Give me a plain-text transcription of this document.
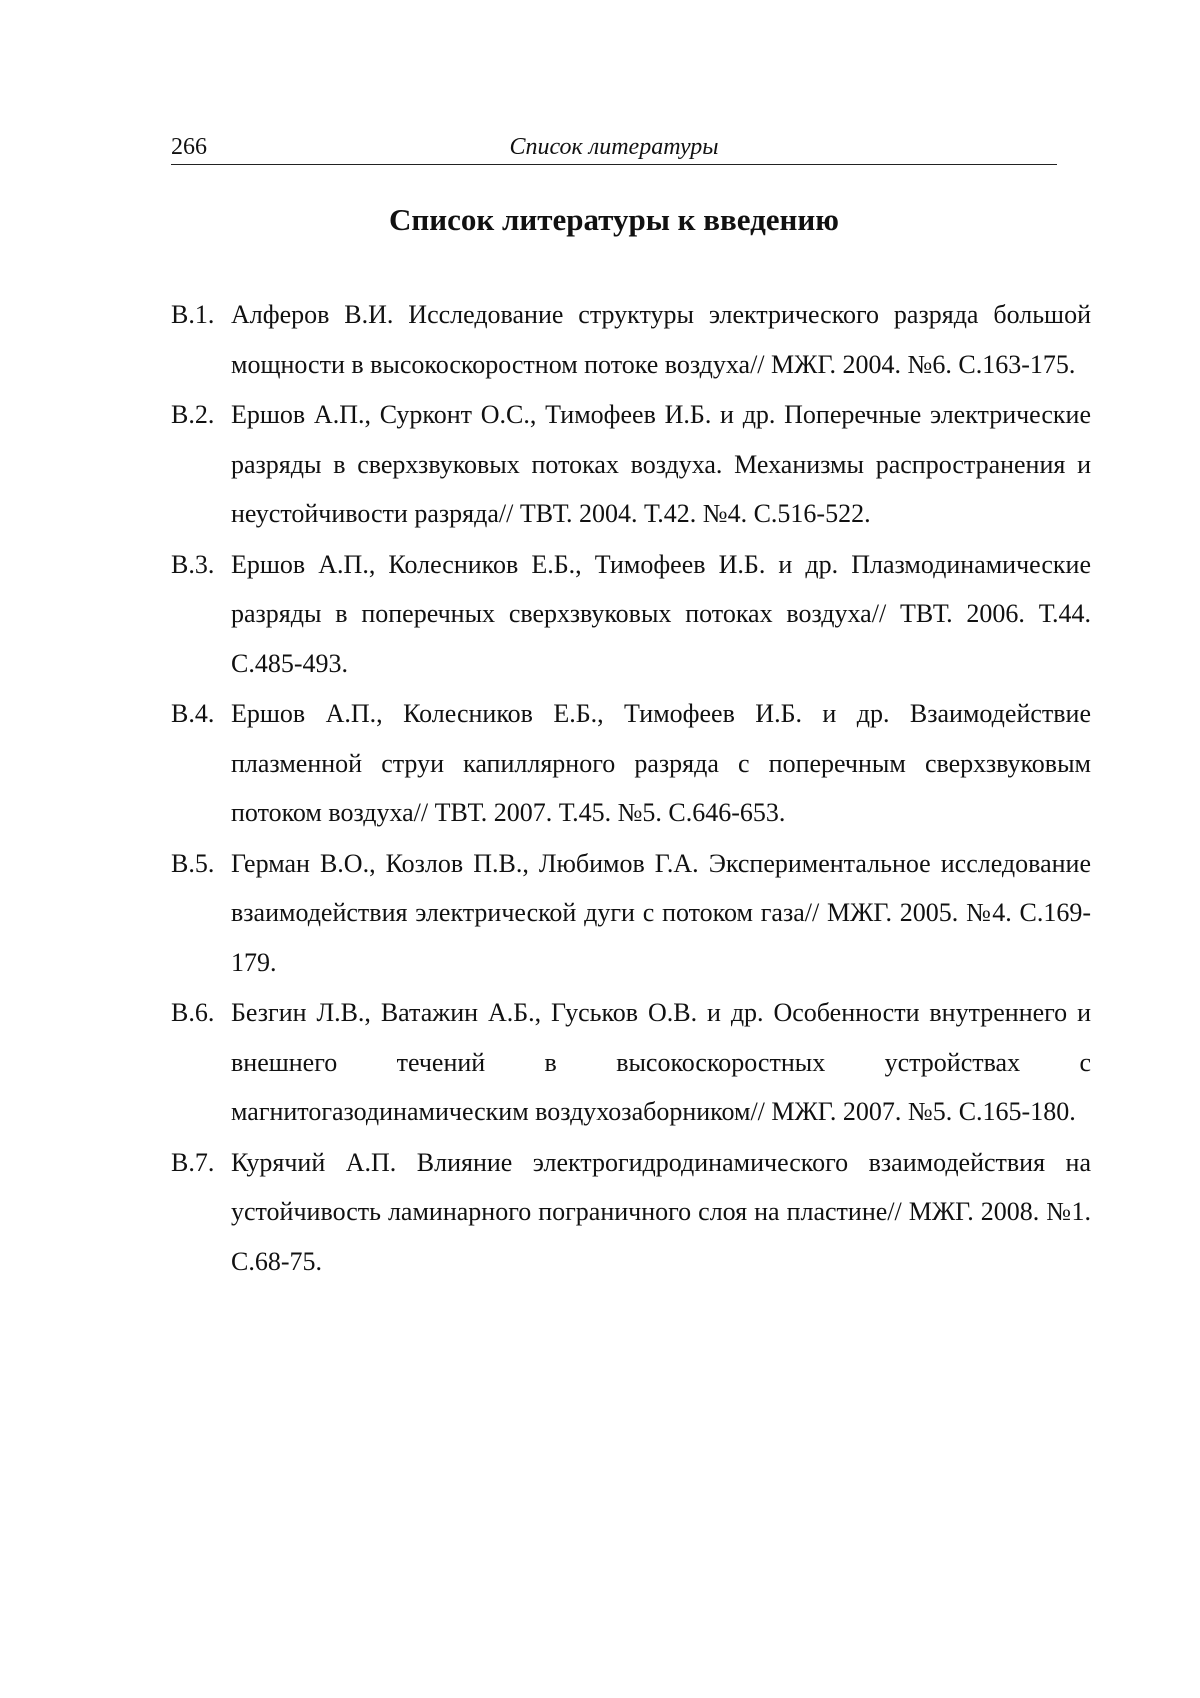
266	Список литературы
Список литературы к введению
В.1. Алферов В.И. Исследование структуры электрического разряда большой мощности в высокоскоростном потоке воздуха// МЖГ. 2004. №6. С.163-175.
В.2. Ершов А.П., Сурконт О.С., Тимофеев И.Б. и др. Поперечные электрические разряды в сверхзвуковых потоках воздуха. Механизмы распространения и неустойчивости разряда// ТВТ. 2004. Т.42. №4. С.516-522.
В.3. Ершов А.П., Колесников Е.Б., Тимофеев И.Б. и др. Плазмодинамические разряды в поперечных сверхзвуковых потоках воздуха// ТВТ. 2006. Т.44. С.485-493.
В.4. Ершов А.П., Колесников Е.Б., Тимофеев И.Б. и др. Взаимодействие плазменной струи капиллярного разряда с поперечным сверхзвуковым потоком воздуха// ТВТ. 2007. Т.45. №5. С.646-653.
В.5. Герман В.О., Козлов П.В., Любимов Г.А. Экспериментальное исследование взаимодействия электрической дуги с потоком газа// МЖГ. 2005. №4. С.169-179.
В.6. Безгин Л.В., Ватажин А.Б., Гуськов О.В. и др. Особенности внутреннего и внешнего течений в высокоскоростных устройствах с магнитогазодинамическим воздухозаборником// МЖГ. 2007. №5. С.165-180.
В.7. Курячий А.П. Влияние электрогидродинамического взаимодействия на устойчивость ламинарного пограничного слоя на пластине// МЖГ. 2008. №1. С.68-75.
